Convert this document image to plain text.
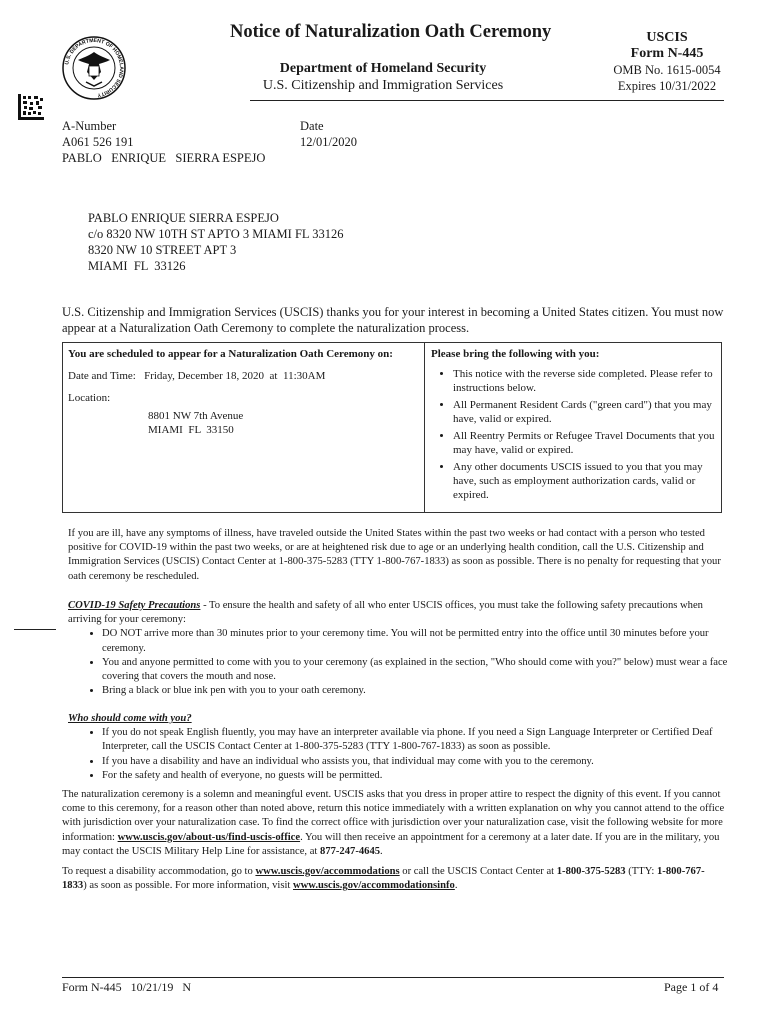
U.S. DEPARTMENT OF HOMELAND SECURITY
Notice of Naturalization Oath Ceremony
Department of Homeland Security
U.S. Citizenship and Immigration Services
USCIS
Form N-445
OMB No. 1615-0054
Expires 10/31/2022
A-Number
A061 526 191
PABLO   ENRIQUE   SIERRA ESPEJO
Date
12/01/2020
PABLO ENRIQUE SIERRA ESPEJO
c/o 8320 NW 10TH ST APTO 3 MIAMI FL 33126
8320 NW 10 STREET APT 3
MIAMI  FL  33126
U.S. Citizenship and Immigration Services (USCIS) thanks you for your interest in becoming a United States citizen. You must now appear at a Naturalization Oath Ceremony to complete the naturalization process.
You are scheduled to appear for a Naturalization Oath Ceremony on:
Date and Time: Friday, December 18, 2020  at  11:30AM
Location:
8801 NW 7th Avenue
MIAMI  FL  33150
Please bring the following with you:
• This notice with the reverse side completed. Please refer to instructions below.
• All Permanent Resident Cards ("green card") that you may have, valid or expired.
• All Reentry Permits or Refugee Travel Documents that you may have, valid or expired.
• Any other documents USCIS issued to you that you may have, such as employment authorization cards, valid or expired.
If you are ill, have any symptoms of illness, have traveled outside the United States within the past two weeks or had contact with a person who tested positive for COVID-19 within the past two weeks, or are at heightened risk due to age or an underlying health condition, call the U.S. Citizenship and Immigration Services (USCIS) Contact Center at 1-800-375-5283 (TTY 1-800-767-1833) as soon as possible. There is no penalty for requesting that your oath ceremony be rescheduled.
COVID-19 Safety Precautions - To ensure the health and safety of all who enter USCIS offices, you must take the following safety precautions when arriving for your ceremony:
• DO NOT arrive more than 30 minutes prior to your ceremony time. You will not be permitted entry into the office until 30 minutes before your ceremony.
• You and anyone permitted to come with you to your ceremony (as explained in the section, "Who should come with you?" below) must wear a face covering that covers the mouth and nose.
• Bring a black or blue ink pen with you to your oath ceremony.
Who should come with you?
• If you do not speak English fluently, you may have an interpreter available via phone. If you need a Sign Language Interpreter or Certified Deaf Interpreter, call the USCIS Contact Center at 1-800-375-5283 (TTY 1-800-767-1833) as soon as possible.
• If you have a disability and have an individual who assists you, that individual may come with you to the ceremony.
• For the safety and health of everyone, no guests will be permitted.
The naturalization ceremony is a solemn and meaningful event. USCIS asks that you dress in proper attire to respect the dignity of this event. If you cannot come to this ceremony, for a reason other than noted above, return this notice immediately with a written explanation on why you cannot attend to the office with jurisdiction over your naturalization case. To find the correct office with jurisdiction over your naturalization case, visit the following website for more information: www.uscis.gov/about-us/find-uscis-office. You will then receive an appointment for a ceremony at a later date. If you are in the military, you may contact the USCIS Military Help Line for assistance, at 877-247-4645.
To request a disability accommodation, go to www.uscis.gov/accommodations or call the USCIS Contact Center at 1-800-375-5283 (TTY: 1-800-767-1833) as soon as possible. For more information, visit www.uscis.gov/accommodationsinfo.
Form N-445   10/21/19   N	Page 1 of 4
